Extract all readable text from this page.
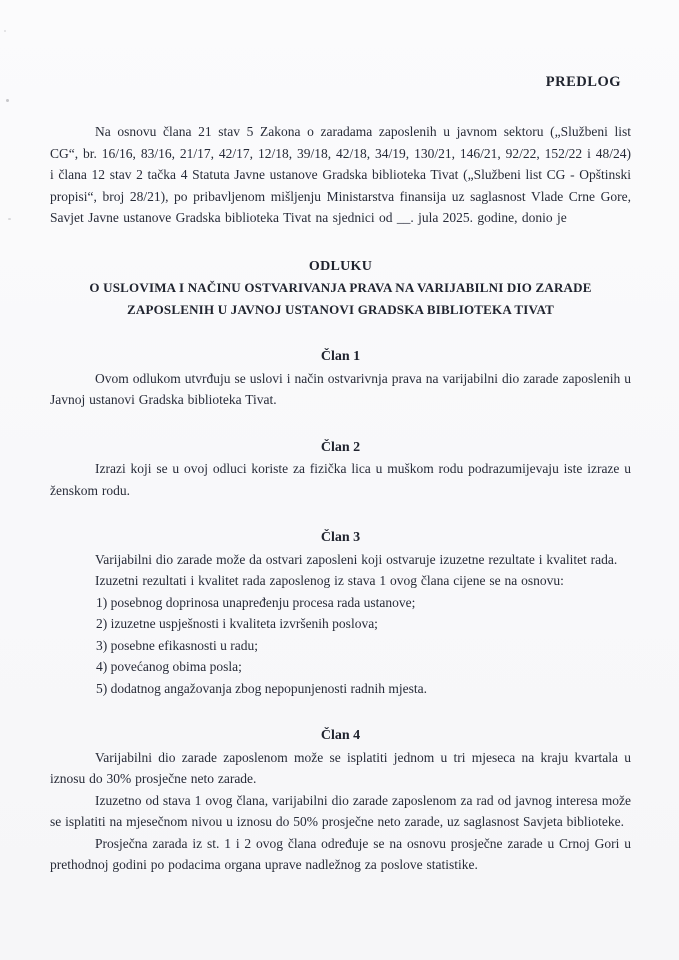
PREDLOG

Na osnovu člana 21 stav 5 Zakona o zaradama zaposlenih u javnom sektoru („Službeni list CG“, br. 16/16, 83/16, 21/17, 42/17, 12/18, 39/18, 42/18, 34/19, 130/21, 146/21, 92/22, 152/22 i 48/24) i člana 12 stav 2 tačka 4 Statuta Javne ustanove Gradska biblioteka Tivat („Službeni list CG - Opštinski propisi“, broj 28/21), po pribavljenom mišljenju Ministarstva finansija uz saglasnost Vlade Crne Gore, Savjet Javne ustanove Gradska biblioteka Tivat na sjednici od __. jula 2025. godine, donio je

ODLUKU
O USLOVIMA I NAČINU OSTVARIVANJA PRAVA NA VARIJABILNI DIO ZARADE ZAPOSLENIH U JAVNOJ USTANOVI GRADSKA BIBLIOTEKA TIVAT
Član 1

Ovom odlukom utvrđuju se uslovi i način ostvarivnja prava na varijabilni dio zarade zaposlenih u Javnoj ustanovi Gradska biblioteka Tivat.

Član 2

Izrazi koji se u ovoj odluci koriste za fizička lica u muškom rodu podrazumijevaju iste izraze u ženskom rodu.

Član 3

Varijabilni dio zarade može da ostvari zaposleni koji ostvaruje izuzetne rezultate i kvalitet rada.

Izuzetni rezultati i kvalitet rada zaposlenog iz stava 1 ovog člana cijene se na osnovu:

1) posebnog doprinosa unapređenju procesa rada ustanove;
2) izuzetne uspješnosti i kvaliteta izvršenih poslova;
3) posebne efikasnosti u radu;
4) povećanog obima posla;
5) dodatnog angažovanja zbog nepopunjenosti radnih mjesta.
Član 4

Varijabilni dio zarade zaposlenom može se isplatiti jednom u tri mjeseca na kraju kvartala u iznosu do 30% prosječne neto zarade.

Izuzetno od stava 1 ovog člana, varijabilni dio zarade zaposlenom za rad od javnog interesa može se isplatiti na mjesečnom nivou u iznosu do 50% prosječne neto zarade, uz saglasnost Savjeta biblioteke.

Prosječna zarada iz st. 1 i 2 ovog člana određuje se na osnovu prosječne zarade u Crnoj Gori u prethodnoj godini po podacima organa uprave nadležnog za poslove statistike.
